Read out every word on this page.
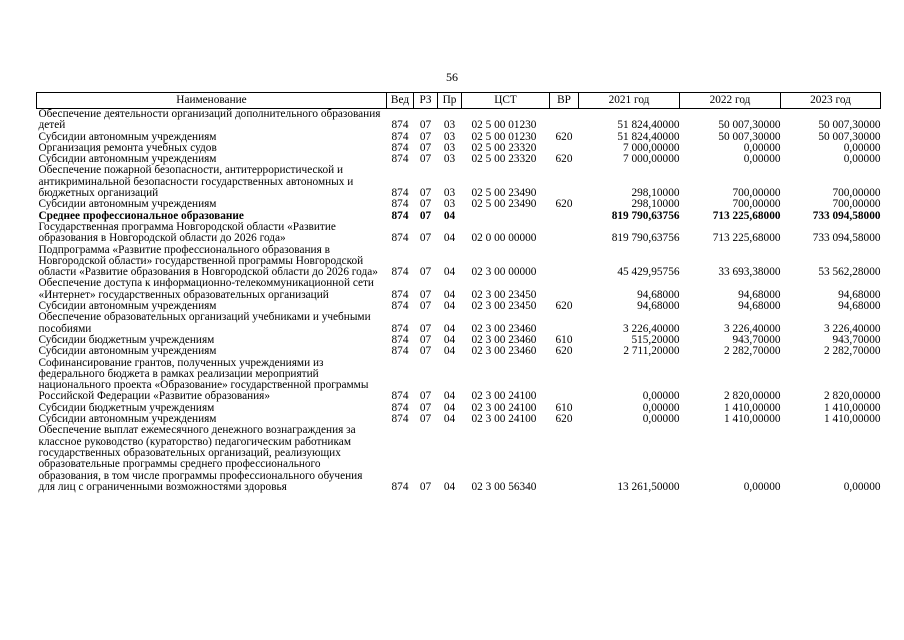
56
Наименование	Вед	РЗ	Пр	ЦСТ	ВР	2021 год	2022 год	2023 год
Обеспечение деятельности организаций дополнительного образования детей	874	07	03	02 5 00 01230		51 824,40000	50 007,30000	50 007,30000
Субсидии автономным учреждениям	874	07	03	02 5 00 01230	620	51 824,40000	50 007,30000	50 007,30000
Организация ремонта учебных судов	874	07	03	02 5 00 23320		7 000,00000	0,00000	0,00000
Субсидии автономным учреждениям	874	07	03	02 5 00 23320	620	7 000,00000	0,00000	0,00000
Обеспечение пожарной безопасности, антитеррористической и антикриминальной безопасности государственных автономных и бюджетных организаций	874	07	03	02 5 00 23490		298,10000	700,00000	700,00000
Субсидии автономным учреждениям	874	07	03	02 5 00 23490	620	298,10000	700,00000	700,00000
Среднее профессиональное образование	874	07	04			819 790,63756	713 225,68000	733 094,58000
Государственная программа Новгородской области «Развитие образования в Новгородской области до 2026 года»	874	07	04	02 0 00 00000		819 790,63756	713 225,68000	733 094,58000
Подпрограмма «Развитие профессионального образования в Новгородской области» государственной программы Новгородской области «Развитие образования в Новгородской области до 2026 года»	874	07	04	02 3 00 00000		45 429,95756	33 693,38000	53 562,28000
Обеспечение доступа к информационно-телекоммуникационной сети «Интернет» государственных образовательных организаций	874	07	04	02 3 00 23450		94,68000	94,68000	94,68000
Субсидии автономным учреждениям	874	07	04	02 3 00 23450	620	94,68000	94,68000	94,68000
Обеспечение образовательных организаций учебниками и учебными пособиями	874	07	04	02 3 00 23460		3 226,40000	3 226,40000	3 226,40000
Субсидии бюджетным учреждениям	874	07	04	02 3 00 23460	610	515,20000	943,70000	943,70000
Субсидии автономным учреждениям	874	07	04	02 3 00 23460	620	2 711,20000	2 282,70000	2 282,70000
Софинансирование грантов, полученных учреждениями из федерального бюджета в рамках реализации мероприятий национального проекта «Образование» государственной программы Российской Федерации «Развитие образования»	874	07	04	02 3 00 24100		0,00000	2 820,00000	2 820,00000
Субсидии бюджетным учреждениям	874	07	04	02 3 00 24100	610	0,00000	1 410,00000	1 410,00000
Субсидии автономным учреждениям	874	07	04	02 3 00 24100	620	0,00000	1 410,00000	1 410,00000
Обеспечение выплат ежемесячного денежного вознаграждения за классное руководство (кураторство) педагогическим работникам государственных образовательных организаций, реализующих образовательные программы среднего профессионального образования, в том числе программы профессионального обучения для лиц с ограниченными возможностями здоровья	874	07	04	02 3 00 56340		13 261,50000	0,00000	0,00000
